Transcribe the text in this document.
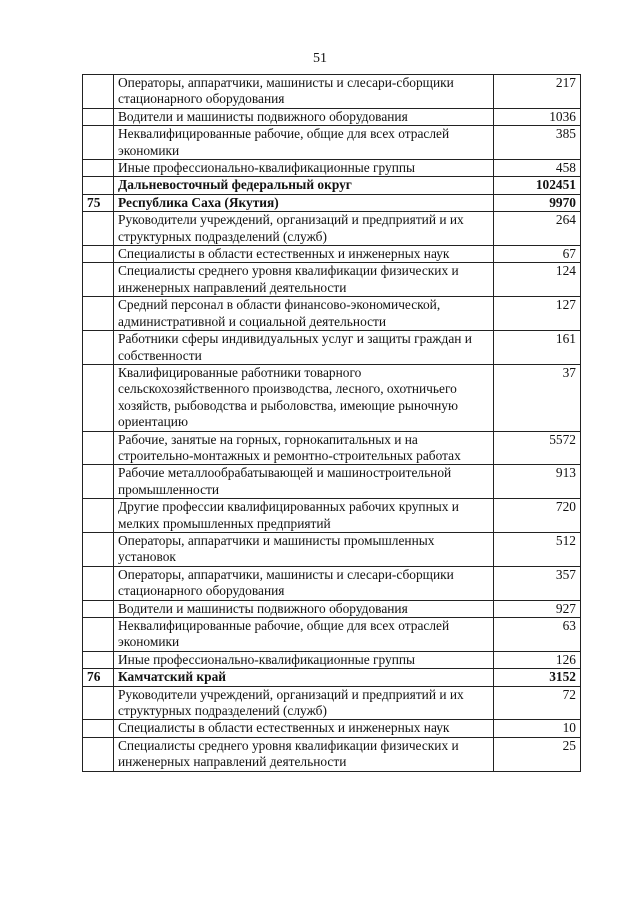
51
	Операторы, аппаратчики, машинисты и слесари-сборщики стационарного оборудования	217
	Водители и машинисты подвижного оборудования	1036
	Неквалифицированные рабочие, общие для всех отраслей экономики	385
	Иные профессионально-квалификационные группы	458
	Дальневосточный федеральный округ	102451
75	Республика Саха (Якутия)	9970
	Руководители учреждений, организаций и предприятий и их структурных подразделений (служб)	264
	Специалисты в области естественных и инженерных наук	67
	Специалисты среднего уровня квалификации физических и инженерных направлений деятельности	124
	Средний персонал в области финансово-экономической, административной и социальной деятельности	127
	Работники сферы индивидуальных услуг и защиты граждан и собственности	161
	Квалифицированные работники товарного сельскохозяйственного производства, лесного, охотничьего хозяйств, рыбоводства и рыболовства, имеющие рыночную ориентацию	37
	Рабочие, занятые на горных, горнокапитальных и на строительно-монтажных и ремонтно-строительных работах	5572
	Рабочие металлообрабатывающей и машиностроительной промышленности	913
	Другие профессии квалифицированных рабочих крупных и мелких промышленных предприятий	720
	Операторы, аппаратчики и машинисты промышленных установок	512
	Операторы, аппаратчики, машинисты и слесари-сборщики стационарного оборудования	357
	Водители и машинисты подвижного оборудования	927
	Неквалифицированные рабочие, общие для всех отраслей экономики	63
	Иные профессионально-квалификационные группы	126
76	Камчатский край	3152
	Руководители учреждений, организаций и предприятий и их структурных подразделений (служб)	72
	Специалисты в области естественных и инженерных наук	10
	Специалисты среднего уровня квалификации физических и инженерных направлений деятельности	25
